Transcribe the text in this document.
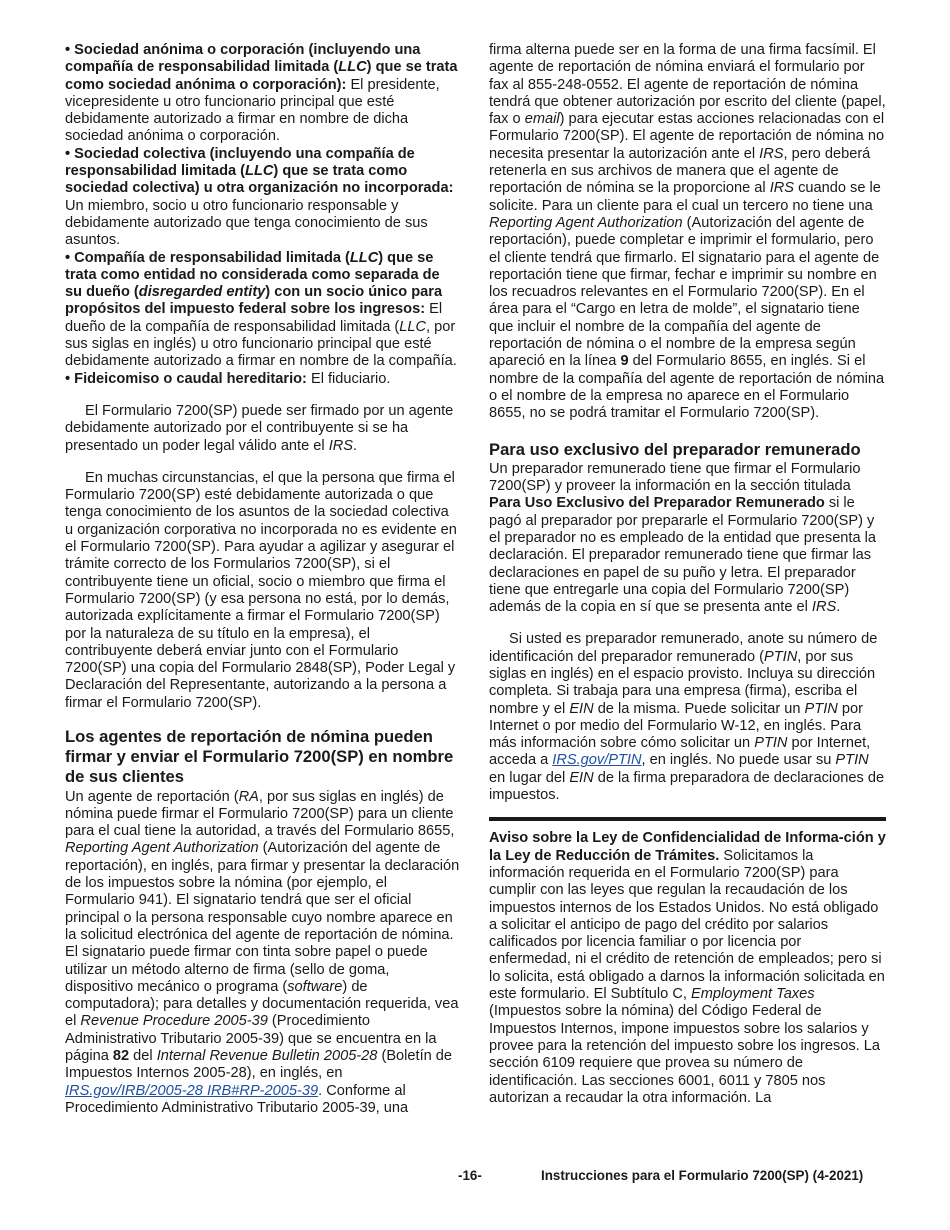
• Sociedad anónima o corporación (incluyendo una compañía de responsabilidad limitada (LLC) que se trata como sociedad anónima o corporación): El presidente, vicepresidente u otro funcionario principal que esté debidamente autorizado a firmar en nombre de dicha sociedad anónima o corporación.

• Sociedad colectiva (incluyendo una compañía de responsabilidad limitada (LLC) que se trata como sociedad colectiva) u otra organización no incorporada: Un miembro, socio u otro funcionario responsable y debidamente autorizado que tenga conocimiento de sus asuntos.

• Compañía de responsabilidad limitada (LLC) que se trata como entidad no considerada como separada de su dueño (disregarded entity) con un socio único para propósitos del impuesto federal sobre los ingresos: El dueño de la compañía de responsabilidad limitada (LLC, por sus siglas en inglés) u otro funcionario principal que esté debidamente autorizado a firmar en nombre de la compañía.

• Fideicomiso o caudal hereditario: El fiduciario.

El Formulario 7200(SP) puede ser firmado por un agente debidamente autorizado por el contribuyente si se ha presentado un poder legal válido ante el IRS.

En muchas circunstancias, el que la persona que firma el Formulario 7200(SP) esté debidamente autorizada o que tenga conocimiento de los asuntos de la sociedad colectiva u organización corporativa no incorporada no es evidente en el Formulario 7200(SP). Para ayudar a agilizar y asegurar el trámite correcto de los Formularios 7200(SP), si el contribuyente tiene un oficial, socio o miembro que firma el Formulario 7200(SP) (y esa persona no está, por lo demás, autorizada explícitamente a firmar el Formulario 7200(SP) por la naturaleza de su título en la empresa), el contribuyente deberá enviar junto con el Formulario 7200(SP) una copia del Formulario 2848(SP), Poder Legal y Declaración del Representante, autorizando a la persona a firmar el Formulario 7200(SP).

Los agentes de reportación de nómina pueden firmar y enviar el Formulario 7200(SP) en nombre de sus clientes

Un agente de reportación (RA, por sus siglas en inglés) de nómina puede firmar el Formulario 7200(SP) para un cliente para el cual tiene la autoridad, a través del Formulario 8655, Reporting Agent Authorization (Autorización del agente de reportación), en inglés, para firmar y presentar la declaración de los impuestos sobre la nómina (por ejemplo, el Formulario 941). El signatario tendrá que ser el oficial principal o la persona responsable cuyo nombre aparece en la solicitud electrónica del agente de reportación de nómina. El signatario puede firmar con tinta sobre papel o puede utilizar un método alterno de firma (sello de goma, dispositivo mecánico o programa (software) de computadora); para detalles y documentación requerida, vea el Revenue Procedure 2005-39 (Procedimiento Administrativo Tributario 2005-39) que se encuentra en la página 82 del Internal Revenue Bulletin 2005-28 (Boletín de Impuestos Internos 2005-28), en inglés, en IRS.gov/IRB/2005-28 IRB#RP-2005-39. Conforme al Procedimiento Administrativo Tributario 2005-39, una

firma alterna puede ser en la forma de una firma facsímil. El agente de reportación de nómina enviará el formulario por fax al 855-248-0552. El agente de reportación de nómina tendrá que obtener autorización por escrito del cliente (papel, fax o email) para ejecutar estas acciones relacionadas con el Formulario 7200(SP). El agente de reportación de nómina no necesita presentar la autorización ante el IRS, pero deberá retenerla en sus archivos de manera que el agente de reportación de nómina se la proporcione al IRS cuando se le solicite. Para un cliente para el cual un tercero no tiene una Reporting Agent Authorization (Autorización del agente de reportación), puede completar e imprimir el formulario, pero el cliente tendrá que firmarlo. El signatario para el agente de reportación tiene que firmar, fechar e imprimir su nombre en los recuadros relevantes en el Formulario 7200(SP). En el área para el “Cargo en letra de molde”, el signatario tiene que incluir el nombre de la compañía del agente de reportación de nómina o el nombre de la empresa según apareció en la línea 9 del Formulario 8655, en inglés. Si el nombre de la compañía del agente de reportación de nómina o el nombre de la empresa no aparece en el Formulario 8655, no se podrá tramitar el Formulario 7200(SP).

Para uso exclusivo del preparador remunerado

Un preparador remunerado tiene que firmar el Formulario 7200(SP) y proveer la información en la sección titulada Para Uso Exclusivo del Preparador Remunerado si le pagó al preparador por prepararle el Formulario 7200(SP) y el preparador no es empleado de la entidad que presenta la declaración. El preparador remunerado tiene que firmar las declaraciones en papel de su puño y letra. El preparador tiene que entregarle una copia del Formulario 7200(SP) además de la copia en sí que se presenta ante el IRS.

Si usted es preparador remunerado, anote su número de identificación del preparador remunerado (PTIN, por sus siglas en inglés) en el espacio provisto. Incluya su dirección completa. Si trabaja para una empresa (firma), escriba el nombre y el EIN de la misma. Puede solicitar un PTIN por Internet o por medio del Formulario W-12, en inglés. Para más información sobre cómo solicitar un PTIN por Internet, acceda a IRS.gov/PTIN, en inglés. No puede usar su PTIN en lugar del EIN de la firma preparadora de declaraciones de impuestos.

Aviso sobre la Ley de Confidencialidad de Informa-ción y la Ley de Reducción de Trámites. Solicitamos la información requerida en el Formulario 7200(SP) para cumplir con las leyes que regulan la recaudación de los impuestos internos de los Estados Unidos. No está obligado a solicitar el anticipo de pago del crédito por salarios calificados por licencia familiar o por licencia por enfermedad, ni el crédito de retención de empleados; pero si lo solicita, está obligado a darnos la información solicitada en este formulario. El Subtítulo C, Employment Taxes (Impuestos sobre la nómina) del Código Federal de Impuestos Internos, impone impuestos sobre los salarios y provee para la retención del impuesto sobre los ingresos. La sección 6109 requiere que provea su número de identificación. Las secciones 6001, 6011 y 7805 nos autorizan a recaudar la otra información. La

-16-	Instrucciones para el Formulario 7200(SP) (4-2021)
